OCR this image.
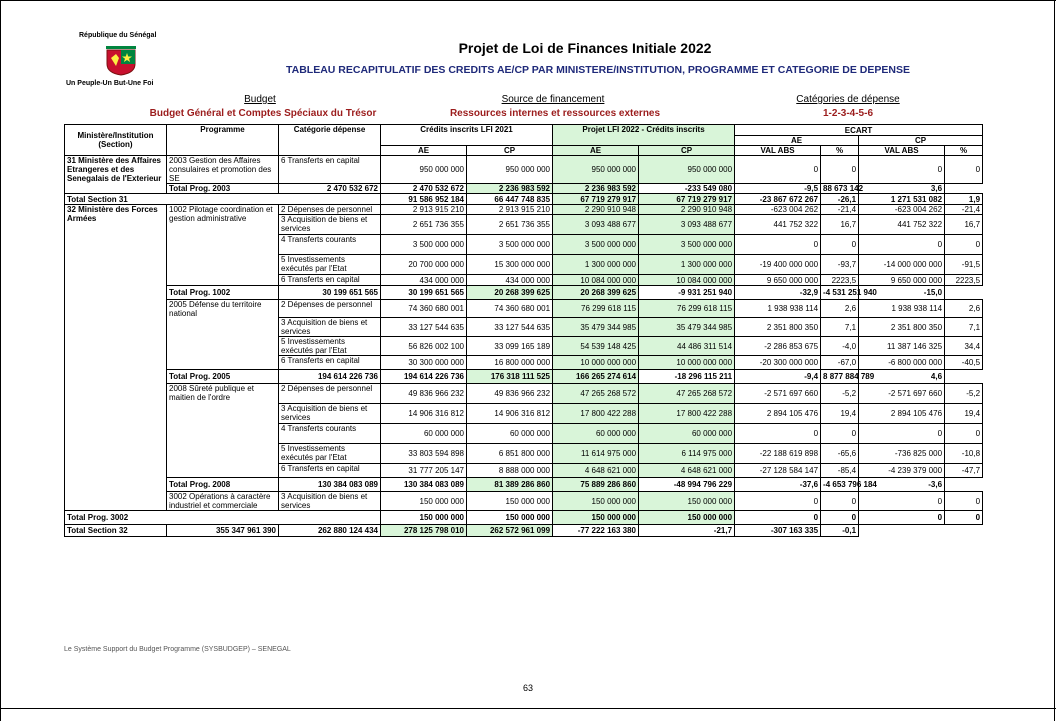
République du Sénégal
Un Peuple-Un But-Une Foi
Projet de Loi de Finances Initiale 2022
TABLEAU RECAPITULATIF DES CREDITS AE/CP PAR MINISTERE/INSTITUTION, PROGRAMME ET CATEGORIE DE DEPENSE
Budget
Budget Général et Comptes Spéciaux du Trésor
Source de financement
Ressources internes et ressources externes
Catégories de dépense
1-2-3-4-5-6
Ministère/Institution (Section)	Programme	Catégorie dépense	Crédits inscrits LFI 2021		Projet LFI 2022 - Crédits inscrits		ECART			
							AE		CP	
			AE	CP	AE	CP	VAL ABS	%	VAL ABS	%
31 Ministère des Affaires Etrangeres et des Senegalais de l'Exterieur	2003 Gestion des Affaires consulaires et promotion des SE	6 Transferts en capital	950 000 000	950 000 000	950 000 000	950 000 000	0	0	0	0
	Total Prog. 2003	2 470 532 672	2 470 532 672	2 236 983 592	2 236 983 592	-233 549 080	-9,5	88 673 142	3,6	
Total Section 31			91 586 952 184	66 447 748 835	67 719 279 917	67 719 279 917	-23 867 672 267	-26,1	1 271 531 082	1,9
32 Ministère des Forces Armées	1002 Pilotage coordination et gestion administrative	2 Dépenses de personnel	2 913 915 210	2 913 915 210	2 290 910 948	2 290 910 948	-623 004 262	-21,4	-623 004 262	-21,4
		3 Acquisition de biens et services	2 651 736 355	2 651 736 355	3 093 488 677	3 093 488 677	441 752 322	16,7	441 752 322	16,7
		4 Transferts courants	3 500 000 000	3 500 000 000	3 500 000 000	3 500 000 000	0	0	0	0
		5 Investissements exécutés par l'Etat	20 700 000 000	15 300 000 000	1 300 000 000	1 300 000 000	-19 400 000 000	-93,7	-14 000 000 000	-91,5
		6 Transferts en capital	434 000 000	434 000 000	10 084 000 000	10 084 000 000	9 650 000 000	2223,5	9 650 000 000	2223,5
	Total Prog. 1002	30 199 651 565	30 199 651 565	20 268 399 625	20 268 399 625	-9 931 251 940	-32,9	-4 531 251 940	-15,0	
	2005 Défense du territoire national	2 Dépenses de personnel	74 360 680 001	74 360 680 001	76 299 618 115	76 299 618 115	1 938 938 114	2,6	1 938 938 114	2,6
		3 Acquisition de biens et services	33 127 544 635	33 127 544 635	35 479 344 985	35 479 344 985	2 351 800 350	7,1	2 351 800 350	7,1
		5 Investissements exécutés par l'Etat	56 826 002 100	33 099 165 189	54 539 148 425	44 486 311 514	-2 286 853 675	-4,0	11 387 146 325	34,4
		6 Transferts en capital	30 300 000 000	16 800 000 000	10 000 000 000	10 000 000 000	-20 300 000 000	-67,0	-6 800 000 000	-40,5
	Total Prog. 2005	194 614 226 736	194 614 226 736	176 318 111 525	166 265 274 614	-18 296 115 211	-9,4	8 877 884 789	4,6	
	2008 Sûreté publique et maitien de l'ordre	2 Dépenses de personnel	49 836 966 232	49 836 966 232	47 265 268 572	47 265 268 572	-2 571 697 660	-5,2	-2 571 697 660	-5,2
		3 Acquisition de biens et services	14 906 316 812	14 906 316 812	17 800 422 288	17 800 422 288	2 894 105 476	19,4	2 894 105 476	19,4
		4 Transferts courants	60 000 000	60 000 000	60 000 000	60 000 000	0	0	0	0
		5 Investissements exécutés par l'Etat	33 803 594 898	6 851 800 000	11 614 975 000	6 114 975 000	-22 188 619 898	-65,6	-736 825 000	-10,8
		6 Transferts en capital	31 777 205 147	8 888 000 000	4 648 621 000	4 648 621 000	-27 128 584 147	-85,4	-4 239 379 000	-47,7
	Total Prog. 2008	130 384 083 089	130 384 083 089	81 389 286 860	75 889 286 860	-48 994 796 229	-37,6	-4 653 796 184	-3,6	
	3002 Opérations à caractère industriel et commerciale	3 Acquisition de biens et services	150 000 000	150 000 000	150 000 000	150 000 000	0	0	0	0
Total Prog. 3002			150 000 000	150 000 000	150 000 000	150 000 000	0	0	0	0
Total Section 32	355 347 961 390	262 880 124 434	278 125 798 010	262 572 961 099	-77 222 163 380	-21,7	-307 163 335	-0,1		
Le Système Support du Budget Programme (SYSBUDGEP) – SENEGAL
63
